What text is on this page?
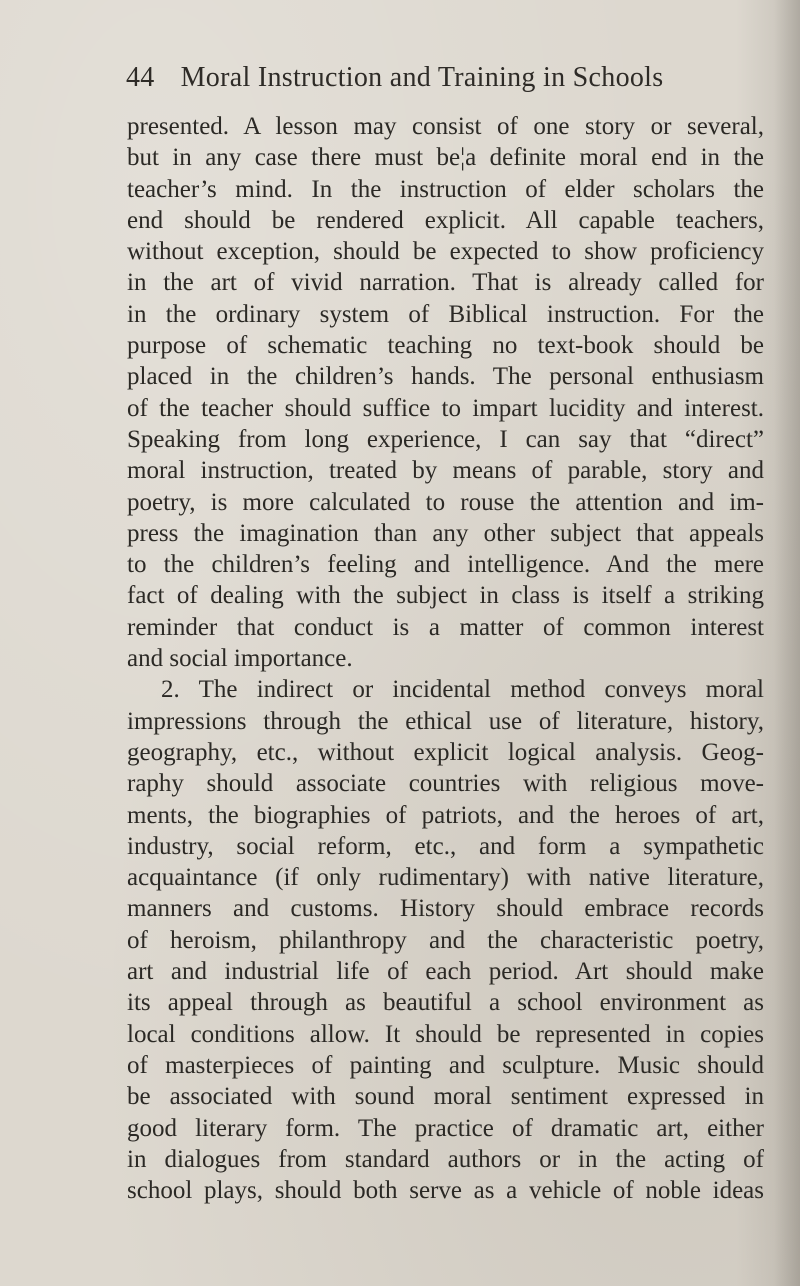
44 Moral Instruction and Training in Schools
presented. A lesson may consist of one story or several,
but in any case there must be¦a definite moral end in the
teacher’s mind. In the instruction of elder scholars the
end should be rendered explicit. All capable teachers,
without exception, should be expected to show proficiency
in the art of vivid narration. That is already called for
in the ordinary system of Biblical instruction. For the
purpose of schematic teaching no text-book should be
placed in the children’s hands. The personal enthusiasm
of the teacher should suffice to impart lucidity and interest.
Speaking from long experience, I can say that “direct”
moral instruction, treated by means of parable, story and
poetry, is more calculated to rouse the attention and im-
press the imagination than any other subject that appeals
to the children’s feeling and intelligence. And the mere
fact of dealing with the subject in class is itself a striking
reminder that conduct is a matter of common interest
and social importance.
2. The indirect or incidental method conveys moral
impressions through the ethical use of literature, history,
geography, etc., without explicit logical analysis. Geog-
raphy should associate countries with religious move-
ments, the biographies of patriots, and the heroes of art,
industry, social reform, etc., and form a sympathetic
acquaintance (if only rudimentary) with native literature,
manners and customs. History should embrace records
of heroism, philanthropy and the characteristic poetry,
art and industrial life of each period. Art should make
its appeal through as beautiful a school environment as
local conditions allow. It should be represented in copies
of masterpieces of painting and sculpture. Music should
be associated with sound moral sentiment expressed in
good literary form. The practice of dramatic art, either
in dialogues from standard authors or in the acting of
school plays, should both serve as a vehicle of noble ideas
